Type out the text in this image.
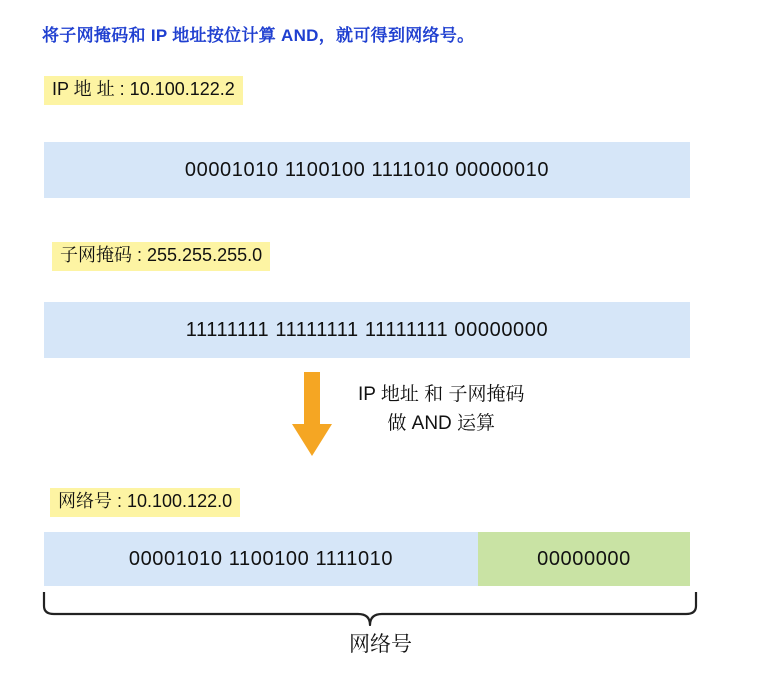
将子网掩码和 IP 地址按位计算 AND，就可得到网络号。
IP 地 址 : 10.100.122.2
00001010 1100100 1111010 00000010
子网掩码 : 255.255.255.0
11111111 11111111 11111111 00000000
IP 地址 和 子网掩码
做 AND 运算
网络号 : 10.100.122.0
00001010 1100100 1111010	00000000
网络号
